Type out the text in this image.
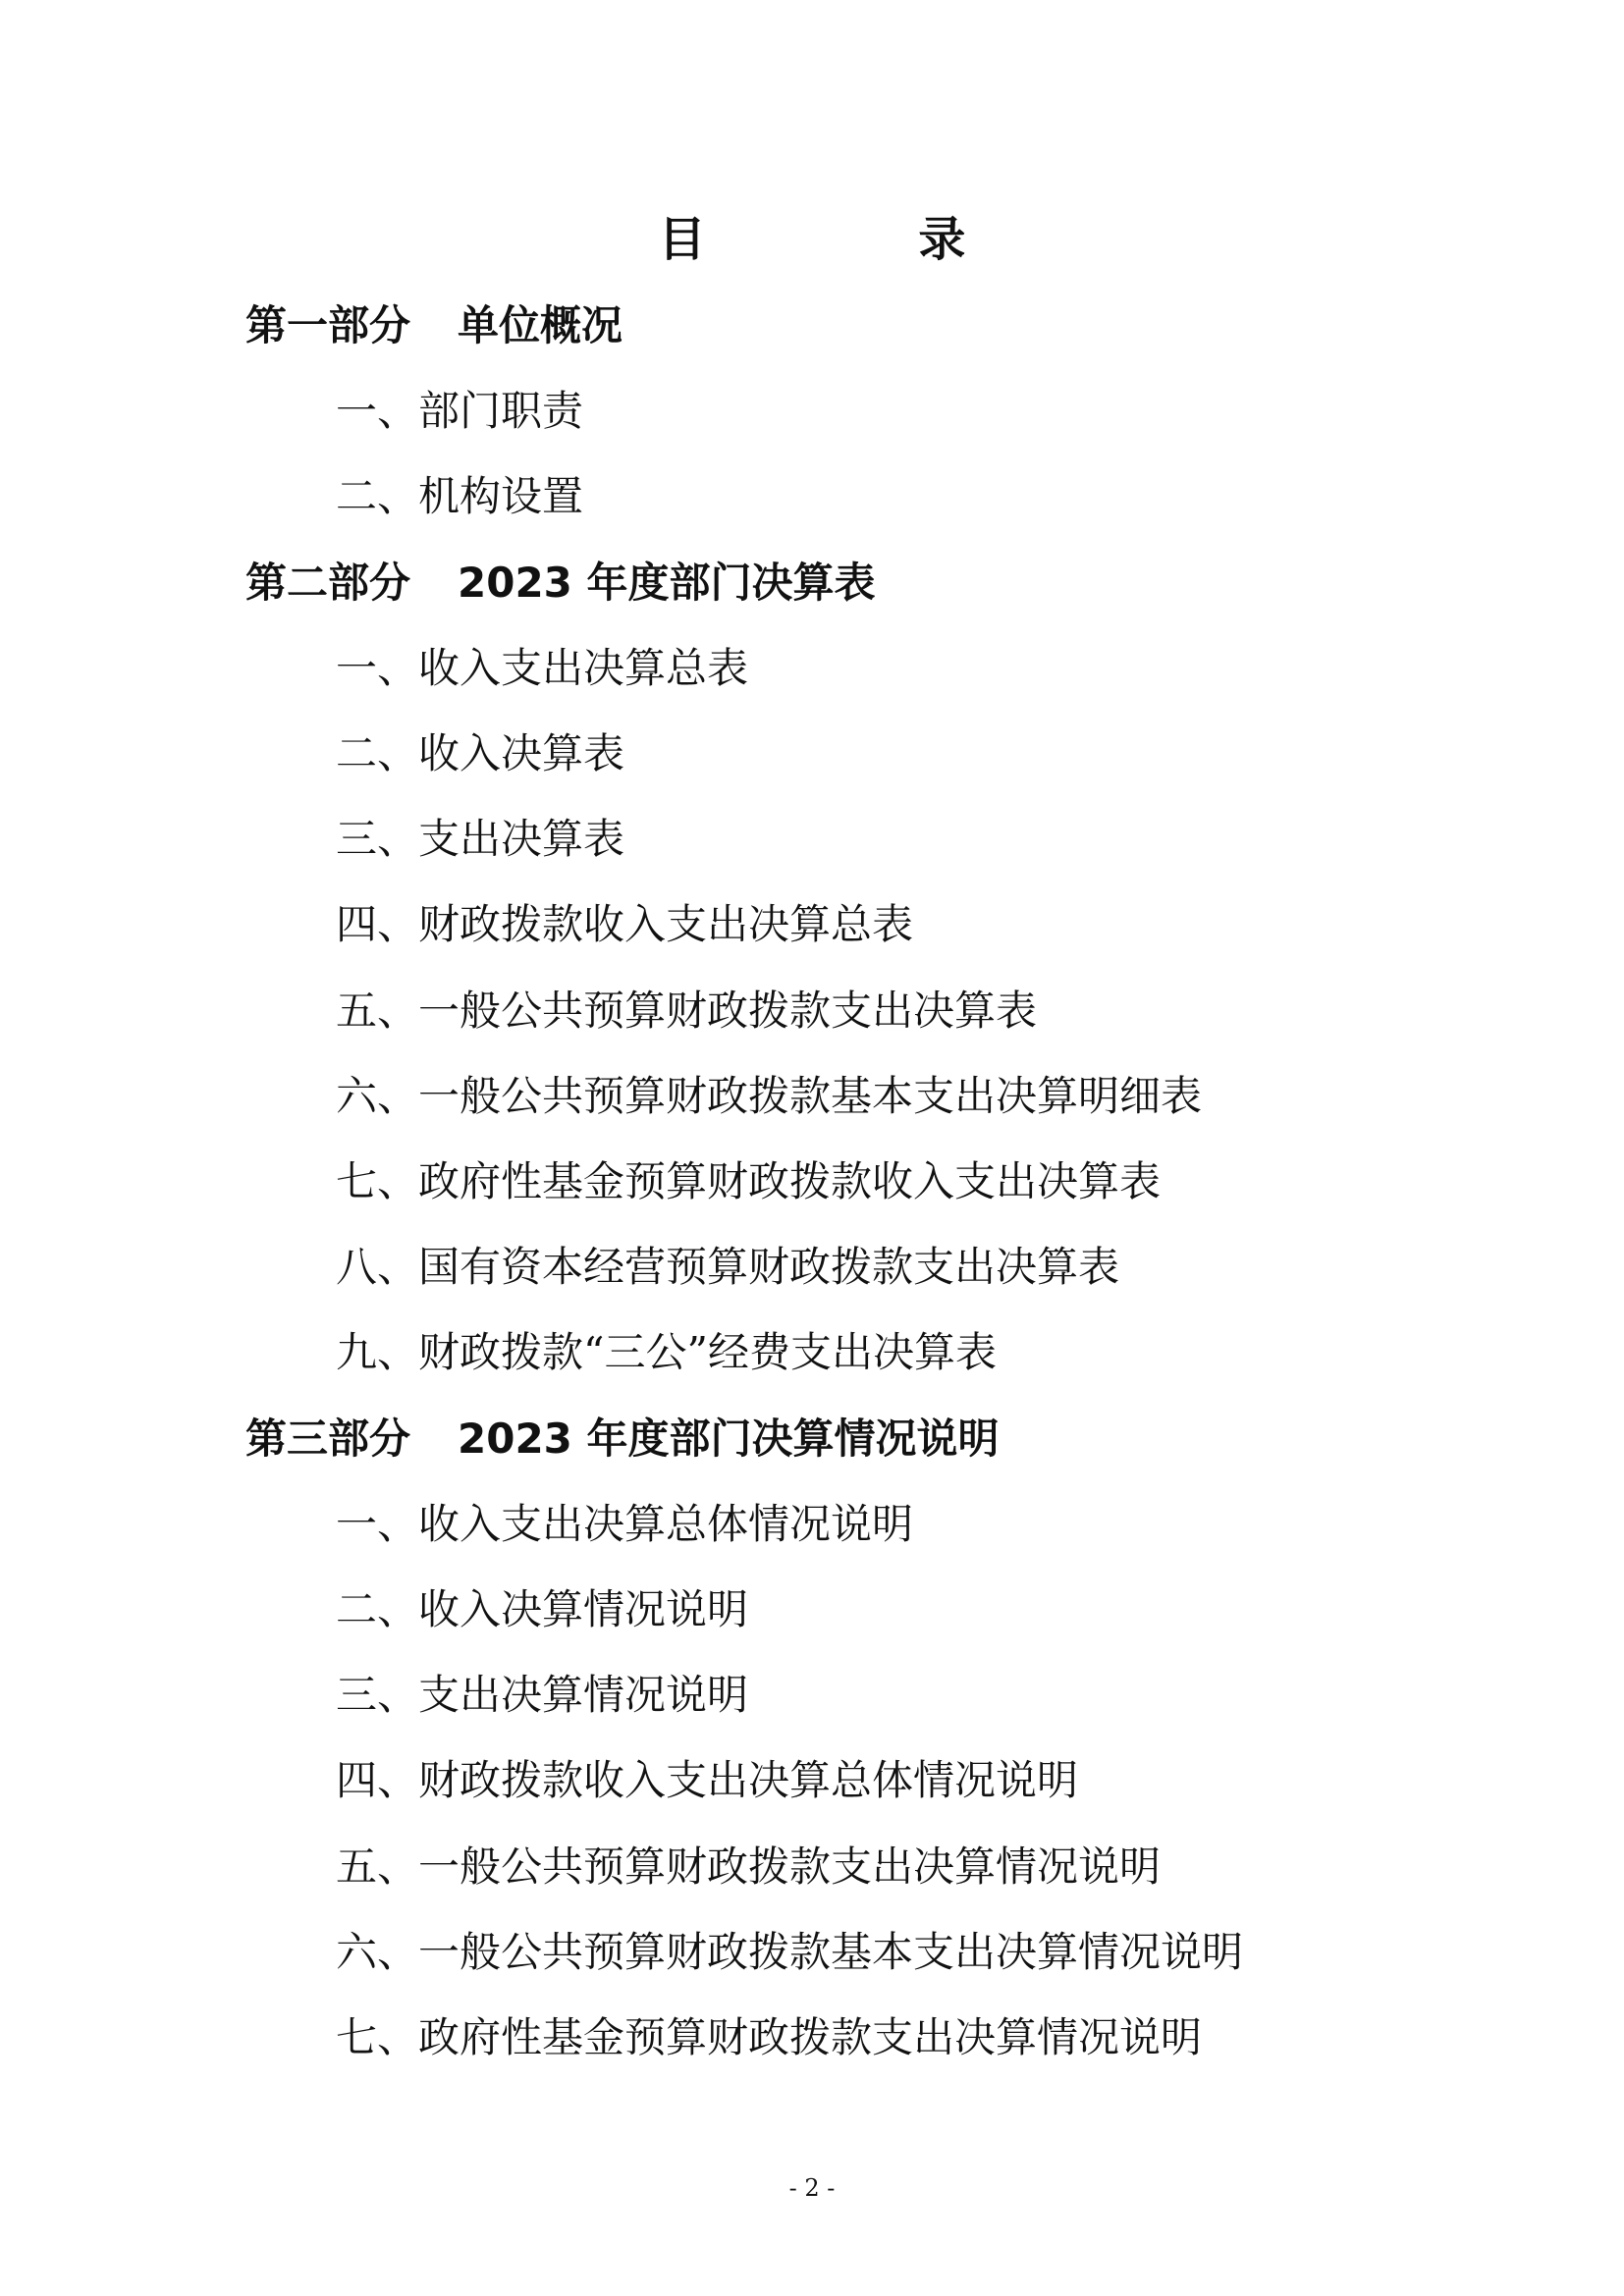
目 录
第一部分 单位概况
一、部门职责
二、机构设置
第二部分 2023 年度部门决算表
一、收入支出决算总表
二、收入决算表
三、支出决算表
四、财政拨款收入支出决算总表
五、一般公共预算财政拨款支出决算表
六、一般公共预算财政拨款基本支出决算明细表
七、政府性基金预算财政拨款收入支出决算表
八、国有资本经营预算财政拨款支出决算表
九、财政拨款“三公”经费支出决算表
第三部分 2023 年度部门决算情况说明
一、收入支出决算总体情况说明
二、收入决算情况说明
三、支出决算情况说明
四、财政拨款收入支出决算总体情况说明
五、一般公共预算财政拨款支出决算情况说明
六、一般公共预算财政拨款基本支出决算情况说明
七、政府性基金预算财政拨款支出决算情况说明
- 2 -
